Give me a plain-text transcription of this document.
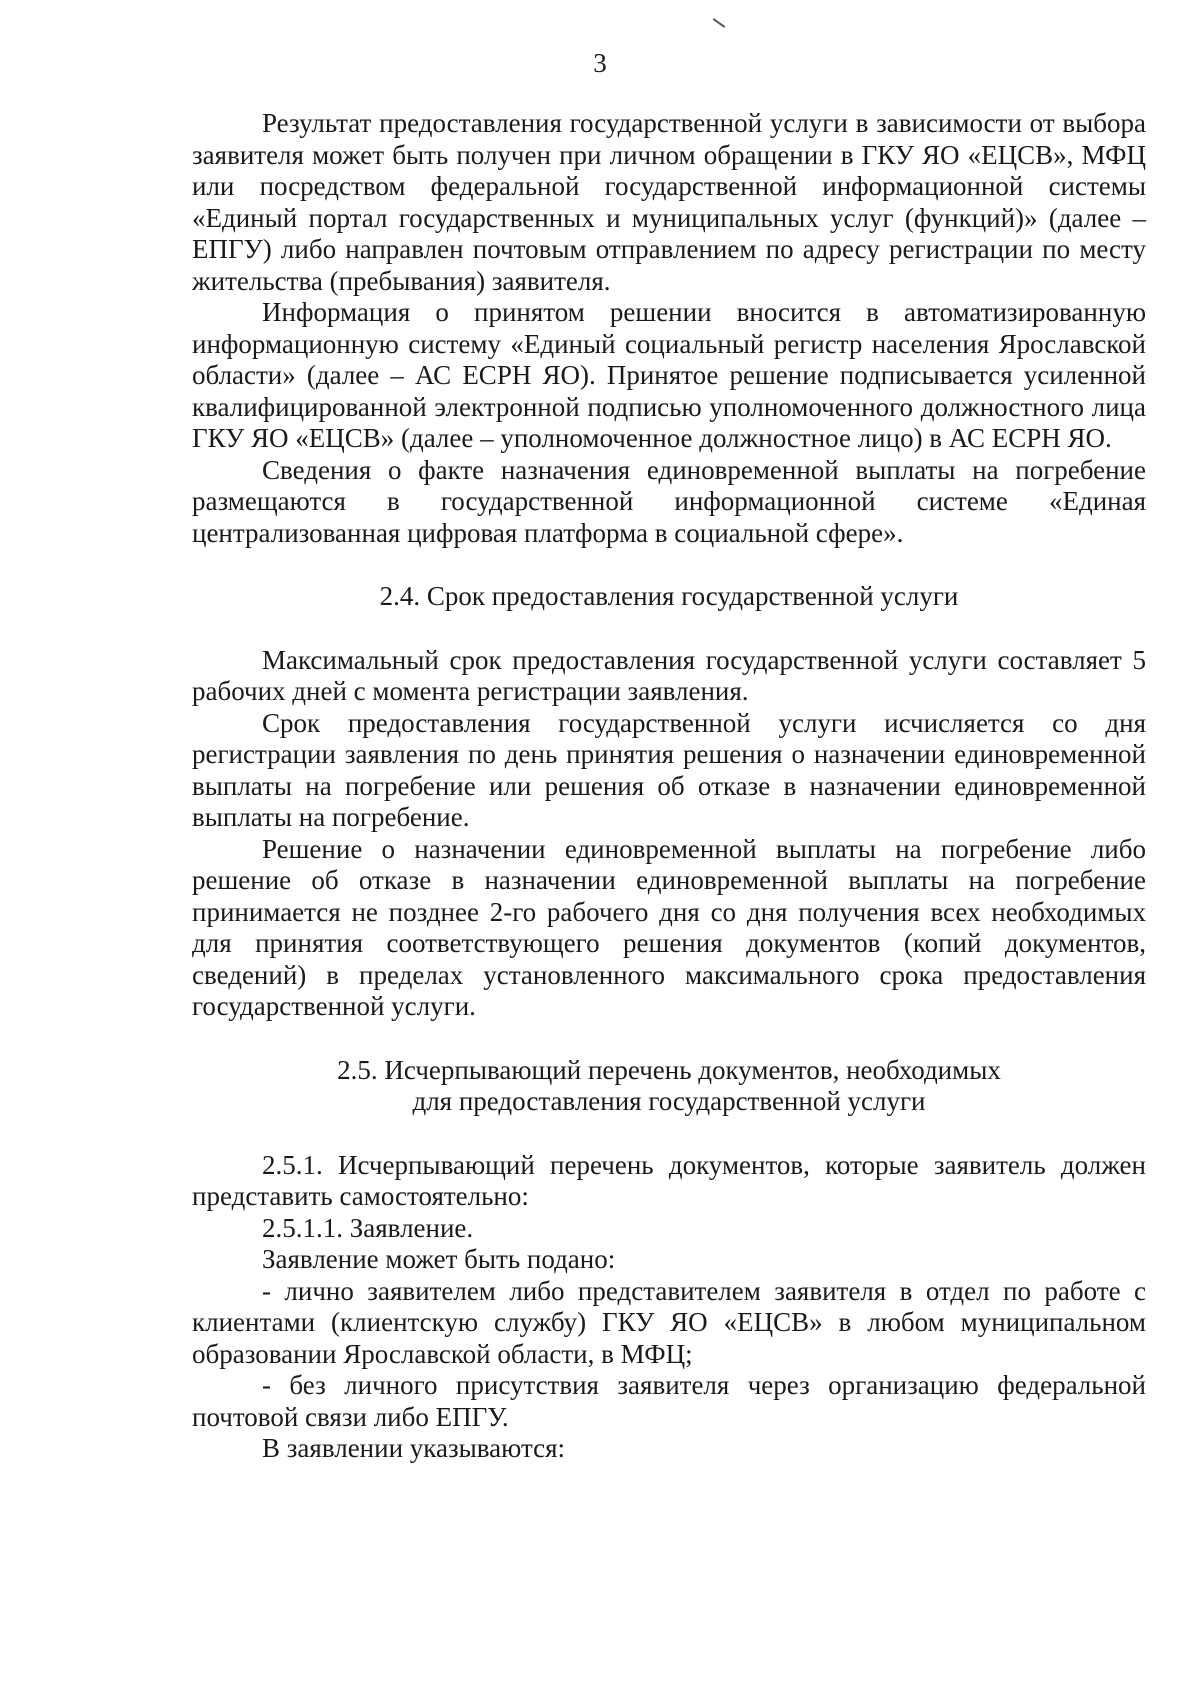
3

Результат предоставления государственной услуги в зависимости от выбора заявителя может быть получен при личном обращении в ГКУ ЯО «ЕЦСВ», МФЦ или посредством федеральной государственной информационной системы «Единый портал государственных и муниципальных услуг (функций)» (далее – ЕПГУ) либо направлен почтовым отправлением по адресу регистрации по месту жительства (пребывания) заявителя.

Информация о принятом решении вносится в автоматизированную информационную систему «Единый социальный регистр населения Ярославской области» (далее – АС ЕСРН ЯО). Принятое решение подписывается усиленной квалифицированной электронной подписью уполномоченного должностного лица ГКУ ЯО «ЕЦСВ» (далее – уполномоченное должностное лицо) в АС ЕСРН ЯО.

Сведения о факте назначения единовременной выплаты на погребение размещаются в государственной информационной системе «Единая централизованная цифровая платформа в социальной сфере».

2.4. Срок предоставления государственной услуги

Максимальный срок предоставления государственной услуги составляет 5 рабочих дней с момента регистрации заявления.

Срок предоставления государственной услуги исчисляется со дня регистрации заявления по день принятия решения о назначении единовременной выплаты на погребение или решения об отказе в назначении единовременной выплаты на погребение.

Решение о назначении единовременной выплаты на погребение либо решение об отказе в назначении единовременной выплаты на погребение принимается не позднее 2-го рабочего дня со дня получения всех необходимых для принятия соответствующего решения документов (копий документов, сведений) в пределах установленного максимального срока предоставления государственной услуги.

2.5. Исчерпывающий перечень документов, необходимых

для предоставления государственной услуги

2.5.1. Исчерпывающий перечень документов, которые заявитель должен представить самостоятельно:

2.5.1.1. Заявление.

Заявление может быть подано:

- лично заявителем либо представителем заявителя в отдел по работе с клиентами (клиентскую службу) ГКУ ЯО «ЕЦСВ» в любом муниципальном образовании Ярославской области, в МФЦ;

- без личного присутствия заявителя через организацию федеральной почтовой связи либо ЕПГУ.

В заявлении указываются:
